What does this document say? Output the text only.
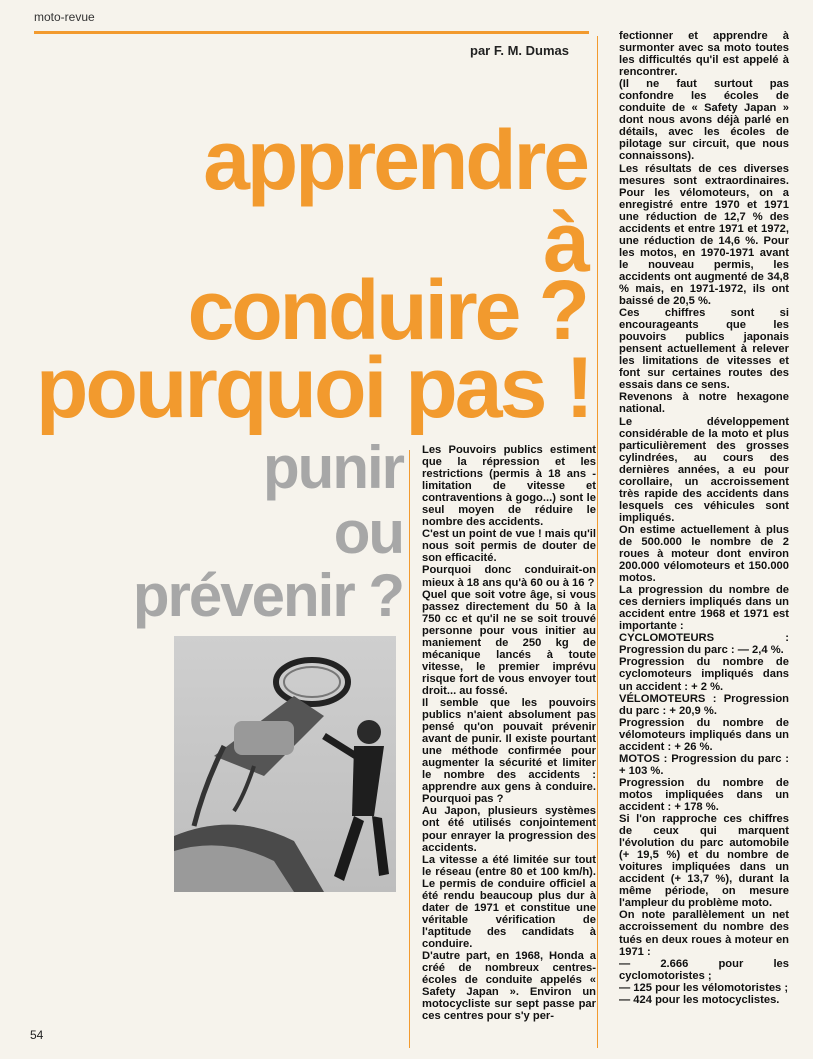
moto-revue
par F. M. Dumas
apprendre
à
conduire ?
pourquoi pas !
punir
ou
prévenir ?

Les Pouvoirs publics estiment que la répression et les restrictions (permis à 18 ans - limitation de vitesse et contraventions à gogo...) sont le seul moyen de réduire le nombre des accidents.

C'est un point de vue ! mais qu'il nous soit permis de douter de son efficacité.

Pourquoi donc conduirait-on mieux à 18 ans qu'à 60 ou à 16 ?

Quel que soit votre âge, si vous passez directement du 50 à la 750 cc et qu'il ne se soit trouvé personne pour vous initier au maniement de 250 kg de mécanique lancés à toute vitesse, le premier imprévu risque fort de vous envoyer tout droit... au fossé.

Il semble que les pouvoirs publics n'aient absolument pas pensé qu'on pouvait prévenir avant de punir. Il existe pourtant une méthode confirmée pour augmenter la sécurité et limiter le nombre des accidents : apprendre aux gens à conduire. Pourquoi pas ?

Au Japon, plusieurs systèmes ont été utilisés conjointement pour enrayer la progression des accidents.

La vitesse a été limitée sur tout le réseau (entre 80 et 100 km/h). Le permis de conduire officiel a été rendu beaucoup plus dur à dater de 1971 et constitue une véritable vérification de l'aptitude des candidats à conduire.

D'autre part, en 1968, Honda a créé de nombreux centres-écoles de conduite appelés « Safety Japan ». Environ un motocycliste sur sept passe par ces centres pour s'y per-

fectionner et apprendre à surmonter avec sa moto toutes les difficultés qu'il est appelé à rencontrer.

(Il ne faut surtout pas confondre les écoles de conduite de « Safety Japan » dont nous avons déjà parlé en détails, avec les écoles de pilotage sur circuit, que nous connaissons).

Les résultats de ces diverses mesures sont extraordinaires. Pour les vélomoteurs, on a enregistré entre 1970 et 1971 une réduction de 12,7 % des accidents et entre 1971 et 1972, une réduction de 14,6 %. Pour les motos, en 1970-1971 avant le nouveau permis, les accidents ont augmenté de 34,8 % mais, en 1971-1972, ils ont baissé de 20,5 %.

Ces chiffres sont si encourageants que les pouvoirs publics japonais pensent actuellement à relever les limitations de vitesses et font sur certaines routes des essais dans ce sens.

Revenons à notre hexagone national.

Le développement considérable de la moto et plus particulièrement des grosses cylindrées, au cours des dernières années, a eu pour corollaire, un accroissement très rapide des accidents dans lesquels ces véhicules sont impliqués.

On estime actuellement à plus de 500.000 le nombre de 2 roues à moteur dont environ 200.000 vélomoteurs et 150.000 motos.

La progression du nombre de ces derniers impliqués dans un accident entre 1968 et 1971 est importante :

CYCLOMOTEURS : Progression du parc : — 2,4 %.

Progression du nombre de cyclomoteurs impliqués dans un accident : + 2 %.

VÉLOMOTEURS : Progression du parc : + 20,9 %.

Progression du nombre de vélomoteurs impliqués dans un accident : + 26 %.

MOTOS : Progression du parc : + 103 %.

Progression du nombre de motos impliquées dans un accident : + 178 %.

Si l'on rapproche ces chiffres de ceux qui marquent l'évolution du parc automobile (+ 19,5 %) et du nombre de voitures impliquées dans un accident (+ 13,7 %), durant la même période, on mesure l'ampleur du problème moto.

On note parallèlement un net accroissement du nombre des tués en deux roues à moteur en 1971 :

— 2.666 pour les cyclomotoristes ;

— 125 pour les vélomotoristes ;

— 424 pour les motocyclistes.

54
